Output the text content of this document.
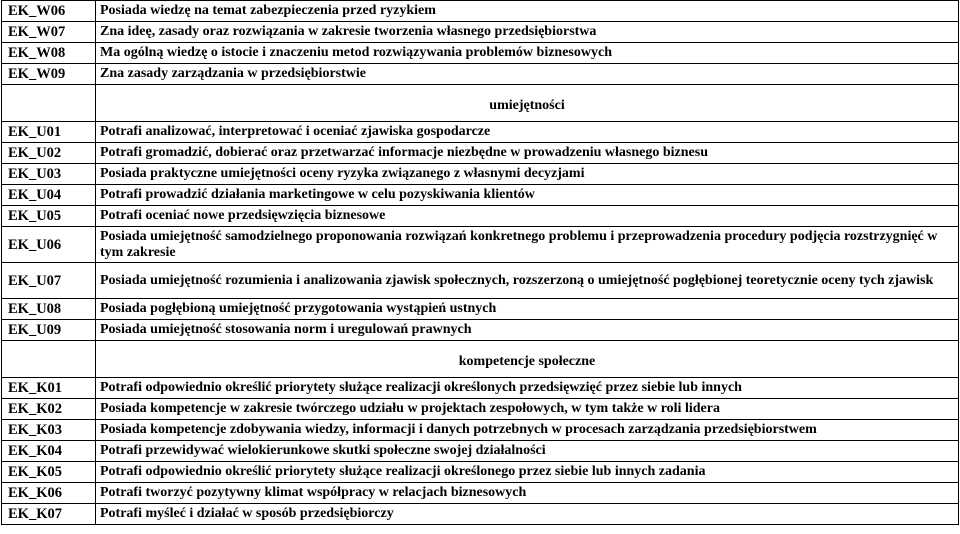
EK_W06	Posiada wiedzę na temat zabezpieczenia przed ryzykiem
EK_W07	Zna ideę, zasady oraz rozwiązania w zakresie tworzenia własnego przedsiębiorstwa
EK_W08	Ma ogólną wiedzę o istocie i znaczeniu metod rozwiązywania problemów biznesowych
EK_W09	Zna zasady zarządzania w przedsiębiorstwie
	umiejętności
EK_U01	Potrafi analizować, interpretować i oceniać zjawiska gospodarcze
EK_U02	Potrafi gromadzić, dobierać oraz przetwarzać informacje niezbędne w prowadzeniu własnego biznesu
EK_U03	Posiada praktyczne umiejętności oceny ryzyka związanego z własnymi decyzjami
EK_U04	Potrafi prowadzić działania marketingowe w celu pozyskiwania klientów
EK_U05	Potrafi oceniać nowe przedsięwzięcia biznesowe
EK_U06	Posiada umiejętność samodzielnego proponowania rozwiązań konkretnego problemu i przeprowadzenia procedury podjęcia rozstrzygnięć w tym zakresie
EK_U07	Posiada umiejętność rozumienia i analizowania zjawisk społecznych, rozszerzoną o umiejętność pogłębionej teoretycznie oceny tych zjawisk
EK_U08	Posiada pogłębioną umiejętność przygotowania wystąpień ustnych
EK_U09	Posiada umiejętność stosowania norm i uregulowań prawnych
	kompetencje społeczne
EK_K01	Potrafi odpowiednio określić priorytety służące realizacji określonych przedsięwzięć przez siebie lub innych
EK_K02	Posiada kompetencje w zakresie twórczego udziału w projektach zespołowych, w tym także w roli lidera
EK_K03	Posiada kompetencje zdobywania wiedzy, informacji i danych potrzebnych w procesach zarządzania przedsiębiorstwem
EK_K04	Potrafi przewidywać wielokierunkowe skutki społeczne swojej działalności
EK_K05	Potrafi odpowiednio określić priorytety służące realizacji określonego przez siebie lub innych zadania
EK_K06	Potrafi tworzyć pozytywny klimat współpracy w relacjach biznesowych
EK_K07	Potrafi myśleć i działać w sposób przedsiębiorczy
